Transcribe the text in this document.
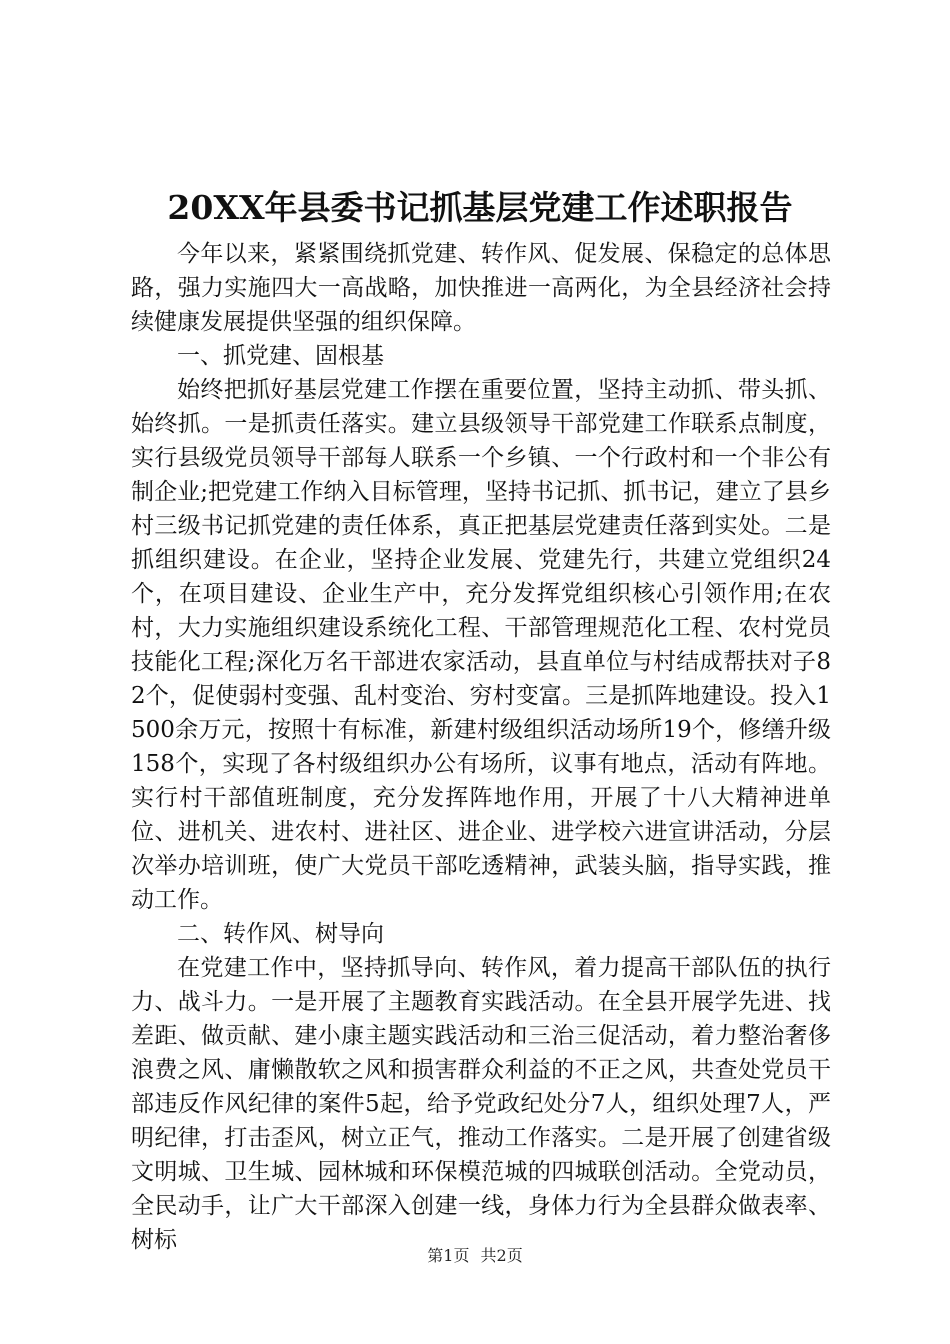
20XX年县委书记抓基层党建工作述职报告

今年以来，紧紧围绕抓党建、转作风、促发展、保稳定的总体思路，强力实施四大一高战略，加快推进一高两化，为全县经济社会持续健康发展提供坚强的组织保障。

一、抓党建、固根基

始终把抓好基层党建工作摆在重要位置，坚持主动抓、带头抓、始终抓。一是抓责任落实。建立县级领导干部党建工作联系点制度，实行县级党员领导干部每人联系一个乡镇、一个行政村和一个非公有制企业;把党建工作纳入目标管理，坚持书记抓、抓书记，建立了县乡村三级书记抓党建的责任体系，真正把基层党建责任落到实处。二是抓组织建设。在企业，坚持企业发展、党建先行，共建立党组织24个，在项目建设、企业生产中，充分发挥党组织核心引领作用;在农村，大力实施组织建设系统化工程、干部管理规范化工程、农村党员技能化工程;深化万名干部进农家活动，县直单位与村结成帮扶对子82个，促使弱村变强、乱村变治、穷村变富。三是抓阵地建设。投入1500余万元，按照十有标准，新建村级组织活动场所19个，修缮升级158个，实现了各村级组织办公有场所，议事有地点，活动有阵地。实行村干部值班制度，充分发挥阵地作用，开展了十八大精神进单位、进机关、进农村、进社区、进企业、进学校六进宣讲活动，分层次举办培训班，使广大党员干部吃透精神，武装头脑，指导实践，推动工作。

二、转作风、树导向

在党建工作中，坚持抓导向、转作风，着力提高干部队伍的执行力、战斗力。一是开展了主题教育实践活动。在全县开展学先进、找差距、做贡献、建小康主题实践活动和三治三促活动，着力整治奢侈浪费之风、庸懒散软之风和损害群众利益的不正之风，共查处党员干部违反作风纪律的案件5起，给予党政纪处分7人，组织处理7人，严明纪律，打击歪风，树立正气，推动工作落实。二是开展了创建省级文明城、卫生城、园林城和环保模范城的四城联创活动。全党动员，全民动手，让广大干部深入创建一线，身体力行为全县群众做表率、树标

第1页 共2页
